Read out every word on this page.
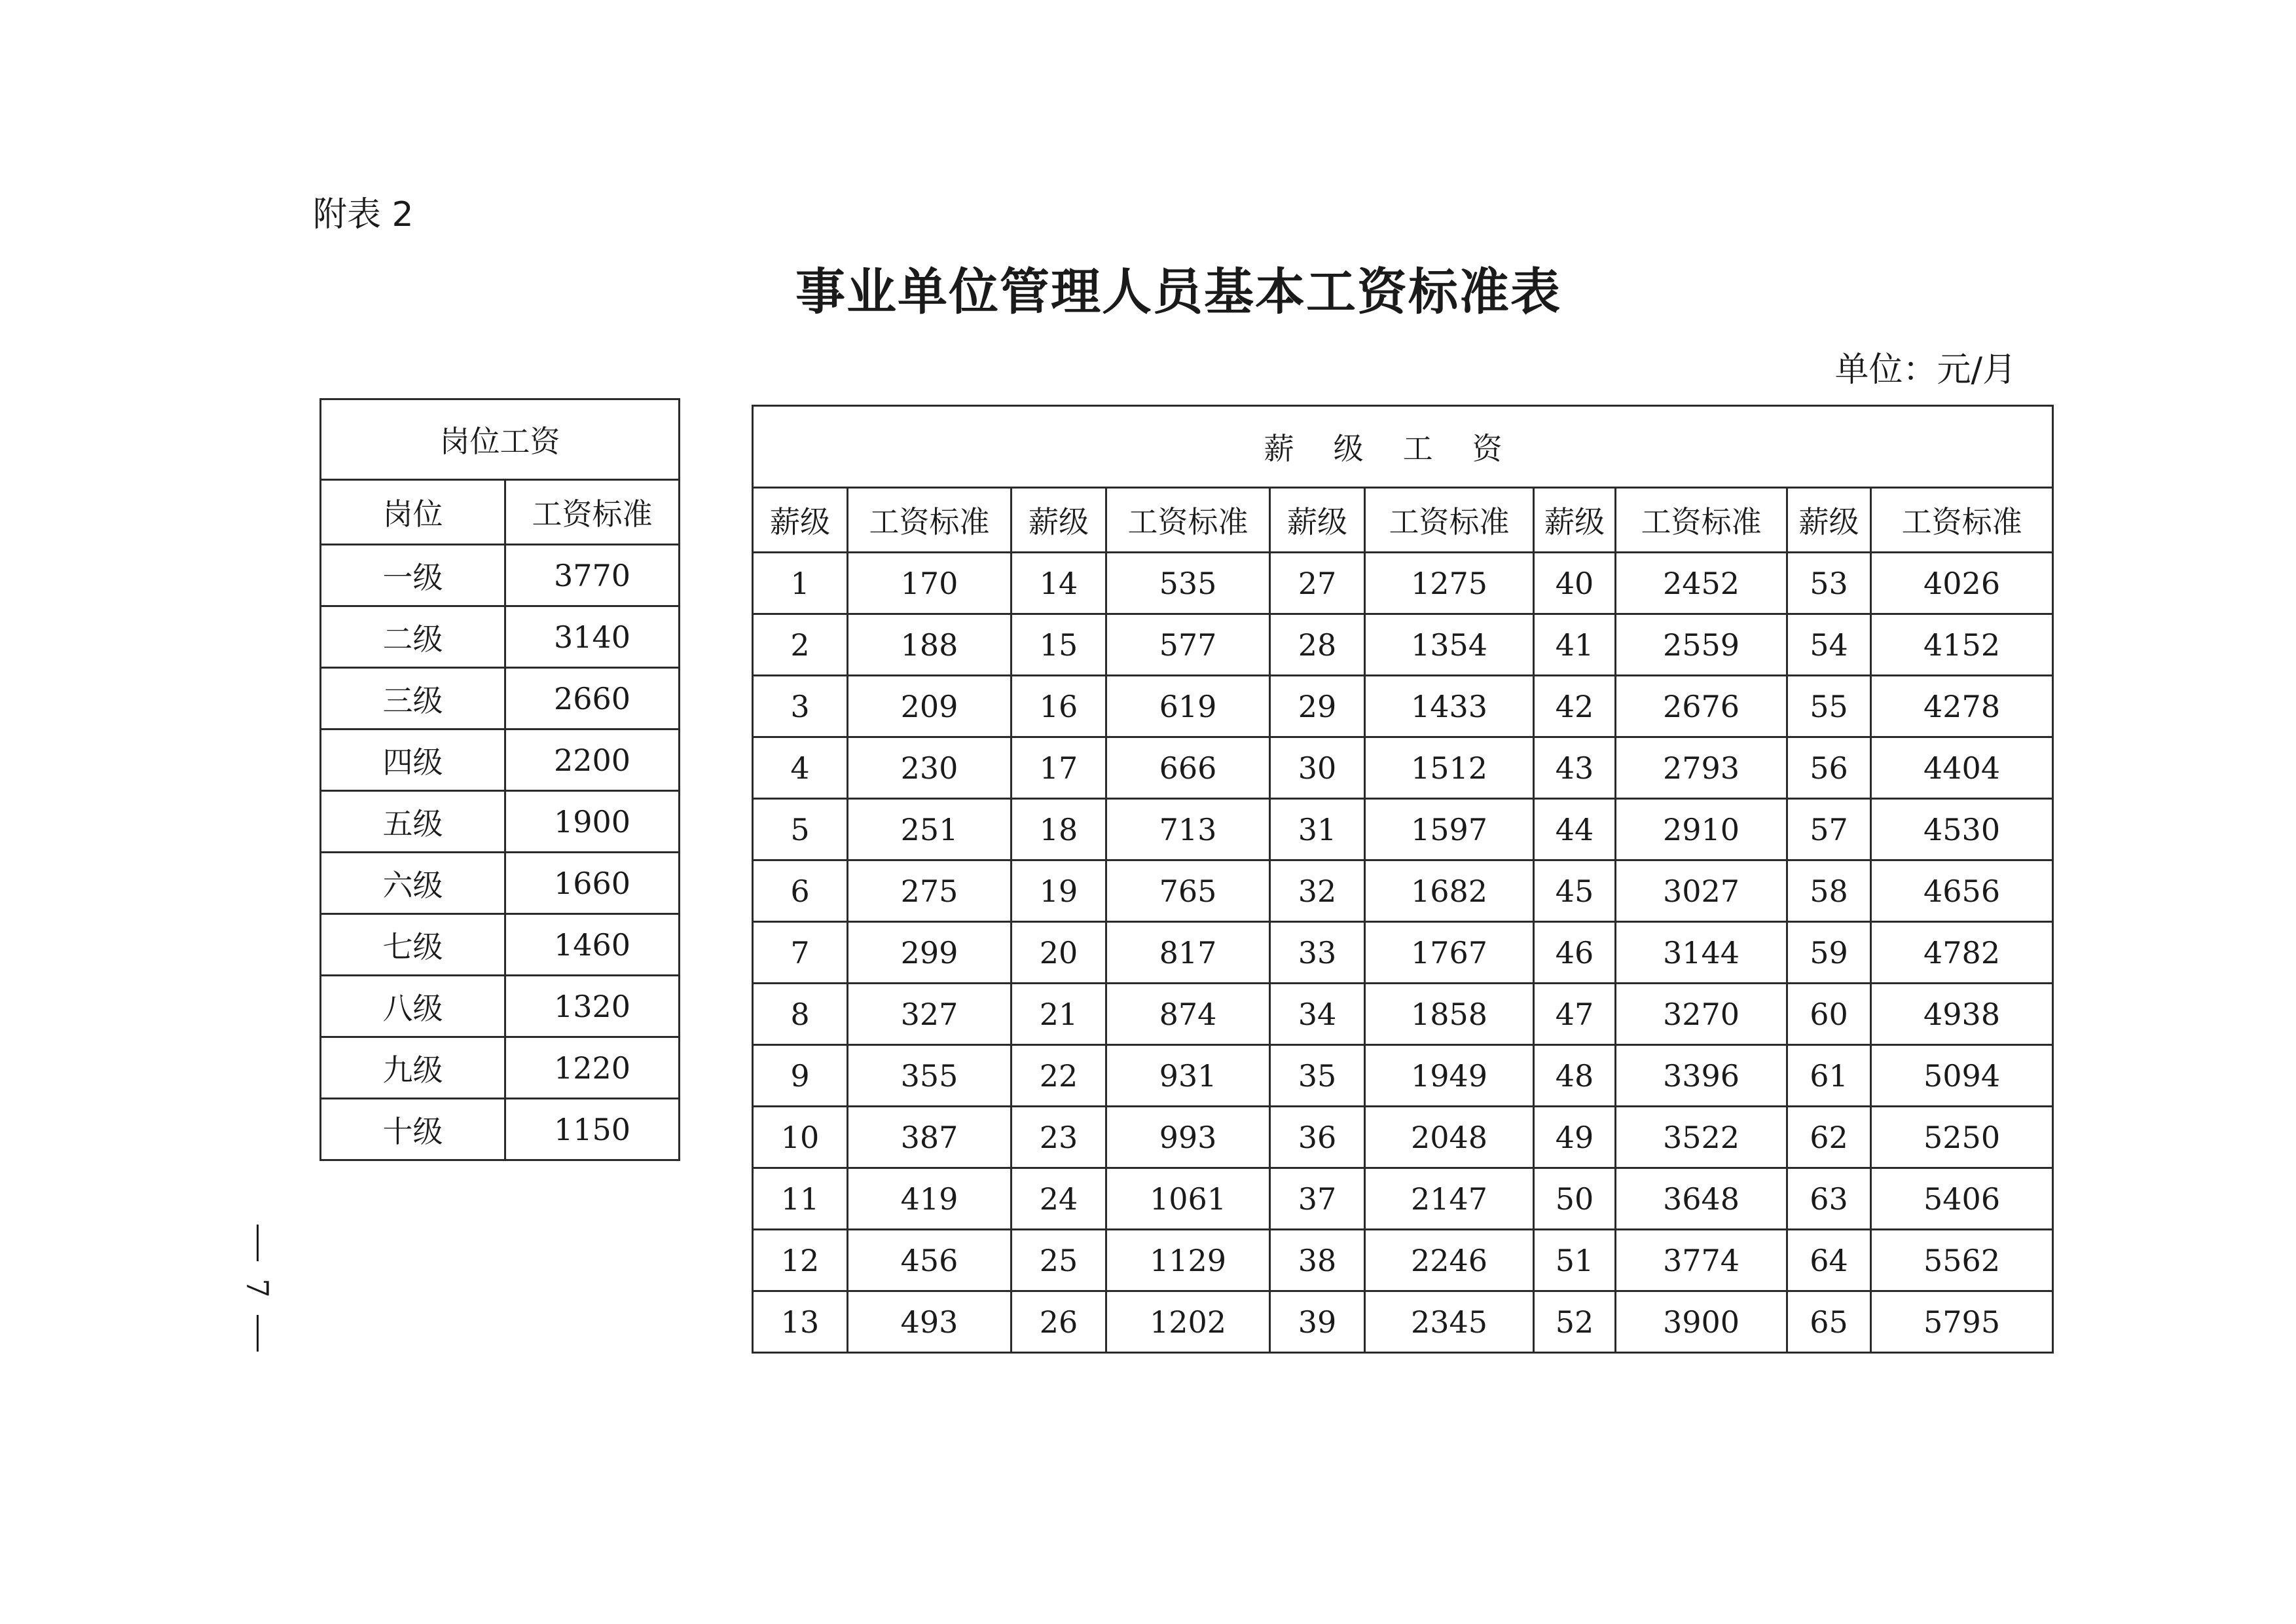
附表 2
事业单位管理人员基本工资标准表
单位：元/月
岗位工资	
岗位	工资标准
一级	3770
二级	3140
三级	2660
四级	2200
五级	1900
六级	1660
七级	1460
八级	1320
九级	1220
十级	1150
薪级工资									
薪级	工资标准	薪级	工资标准	薪级	工资标准	薪级	工资标准	薪级	工资标准
1	170	14	535	27	1275	40	2452	53	4026
2	188	15	577	28	1354	41	2559	54	4152
3	209	16	619	29	1433	42	2676	55	4278
4	230	17	666	30	1512	43	2793	56	4404
5	251	18	713	31	1597	44	2910	57	4530
6	275	19	765	32	1682	45	3027	58	4656
7	299	20	817	33	1767	46	3144	59	4782
8	327	21	874	34	1858	47	3270	60	4938
9	355	22	931	35	1949	48	3396	61	5094
10	387	23	993	36	2048	49	3522	62	5250
11	419	24	1061	37	2147	50	3648	63	5406
12	456	25	1129	38	2246	51	3774	64	5562
13	493	26	1202	39	2345	52	3900	65	5795
7
